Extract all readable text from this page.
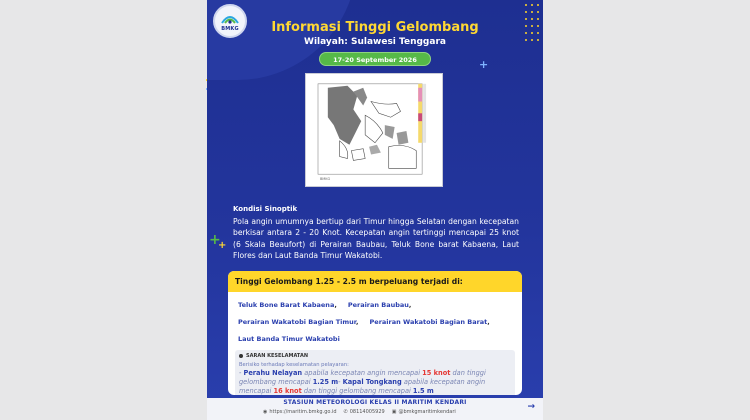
BMKG	Informasi Tinggi Gelombang
Wilayah: Sulawesi Tenggara
17-20 September 2026	+
+
+
BMKG
Kondisi Sinoptik
Pola angin umumnya bertiup dari Timur hingga Selatan dengan kecepatan berkisar antara 2 - 20 Knot. Kecepatan angin tertinggi mencapai 25 knot (6 Skala Beaufort) di Perairan Baubau, Teluk Bone barat Kabaena, Laut Flores dan Laut Banda Timur Wakatobi.
Tinggi Gelombang 1.25 - 2.5 m berpeluang terjadi di:
Teluk Bone Barat Kabaena,	Perairan Baubau,
Perairan Wakatobi Bagian Timur,	Perairan Wakatobi Bagian Barat,
Laut Banda Timur Wakatobi
SARAN KESELAMATAN
Berisiko terhadap keselamatan pelayaran:
- Perahu Nelayan apabila kecepatan angin mencapai 15 knot dan tinggi gelombang mencapai 1.25 m- Kapal Tongkang apabila kecepatan angin mencapai 16 knot dan tinggi gelombang mencapai 1.5 m
STASIUN METEOROLOGI KELAS II MARITIM KENDARI
◉ https://maritim.bmkg.go.id ✆ 08114005929 ▣ @bmkgmaritimkendari	→
